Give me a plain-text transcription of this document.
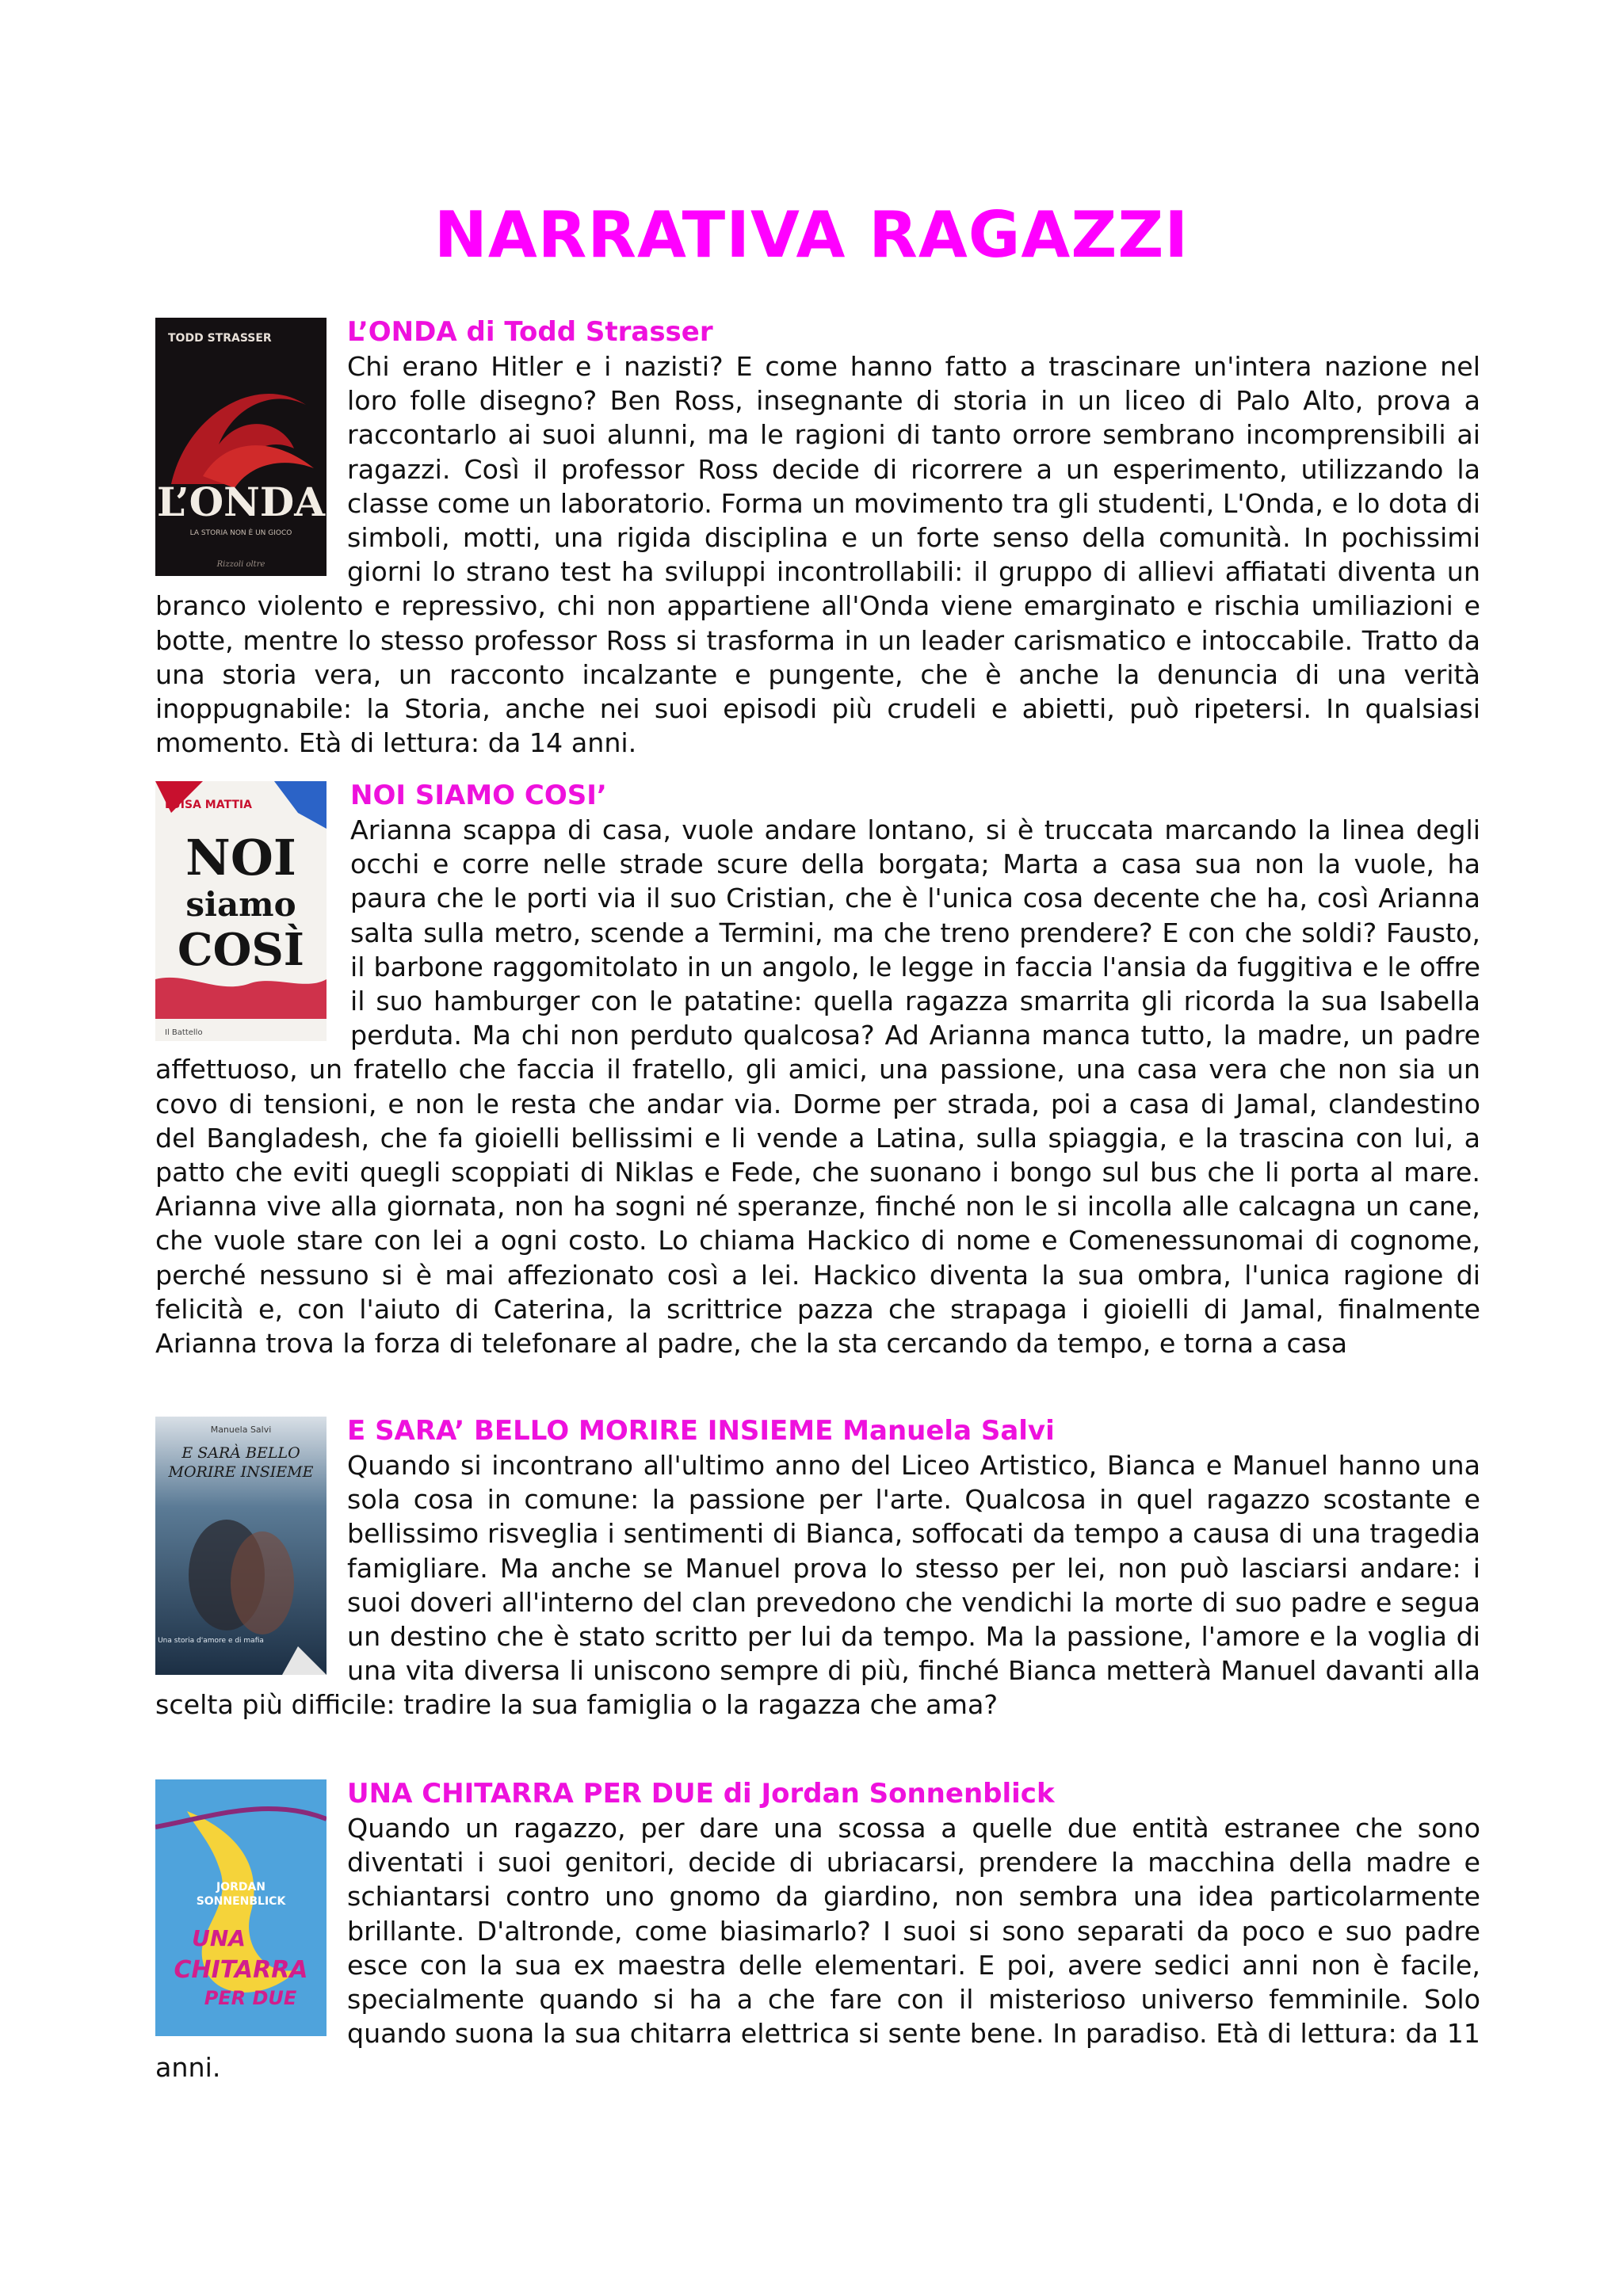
NARRATIVA RAGAZZI
TODD STRASSER
L’ONDA
LA STORIA NON È UN GIOCO
Rizzoli oltre

L’ONDA di Todd Strasser

Chi erano Hitler e i nazisti? E come hanno fatto a trascinare un'intera nazione nel loro folle disegno? Ben Ross, insegnante di storia in un liceo di Palo Alto, prova a raccontarlo ai suoi alunni, ma le ragioni di tanto orrore sembrano incomprensibili ai ragazzi. Così il professor Ross decide di ricorrere a un esperimento, utilizzando la classe come un laboratorio. Forma un movimento tra gli studenti, L'Onda, e lo dota di simboli, motti, una rigida disciplina e un forte senso della comunità. In pochissimi giorni lo strano test ha sviluppi incontrollabili: il gruppo di allievi affiatati diventa un branco violento e repressivo, chi non appartiene all'Onda viene emarginato e rischia umiliazioni e botte, mentre lo stesso professor Ross si trasforma in un leader carismatico e intoccabile. Tratto da una storia vera, un racconto incalzante e pungente, che è anche la denuncia di una verità inoppugnabile: la Storia, anche nei suoi episodi più crudeli e abietti, può ripetersi. In qualsiasi momento. Età di lettura: da 14 anni.

LUISA MATTIA
NOI
siamo
COSÌ
Il Battello

NOI SIAMO COSI’

Arianna scappa di casa, vuole andare lontano, si è truccata marcando la linea degli occhi e corre nelle strade scure della borgata; Marta a casa sua non la vuole, ha paura che le porti via il suo Cristian, che è l'unica cosa decente che ha, così Arianna salta sulla metro, scende a Termini, ma che treno prendere? E con che soldi? Fausto, il barbone raggomitolato in un angolo, le legge in faccia l'ansia da fuggitiva e le offre il suo hamburger con le patatine: quella ragazza smarrita gli ricorda la sua Isabella perduta. Ma chi non perduto qualcosa? Ad Arianna manca tutto, la madre, un padre affettuoso, un fratello che faccia il fratello, gli amici, una passione, una casa vera che non sia un covo di tensioni, e non le resta che andar via. Dorme per strada, poi a casa di Jamal, clandestino del Bangladesh, che fa gioielli bellissimi e li vende a Latina, sulla spiaggia, e la trascina con lui, a patto che eviti quegli scoppiati di Niklas e Fede, che suonano i bongo sul bus che li porta al mare. Arianna vive alla giornata, non ha sogni né speranze, finché non le si incolla alle calcagna un cane, che vuole stare con lei a ogni costo. Lo chiama Hackico di nome e Comenessunomai di cognome, perché nessuno si è mai affezionato così a lei. Hackico diventa la sua ombra, l'unica ragione di felicità e, con l'aiuto di Caterina, la scrittrice pazza che strapaga i gioielli di Jamal, finalmente Arianna trova la forza di telefonare al padre, che la sta cercando da tempo, e torna a casa

Manuela Salvi
E SARÀ BELLO
MORIRE INSIEME
Una storia d'amore e di mafia

E SARA’ BELLO MORIRE INSIEME Manuela Salvi

Quando si incontrano all'ultimo anno del Liceo Artistico, Bianca e Manuel hanno una sola cosa in comune: la passione per l'arte. Qualcosa in quel ragazzo scostante e bellissimo risveglia i sentimenti di Bianca, soffocati da tempo a causa di una tragedia famigliare. Ma anche se Manuel prova lo stesso per lei, non può lasciarsi andare: i suoi doveri all'interno del clan prevedono che vendichi la morte di suo padre e segua un destino che è stato scritto per lui da tempo. Ma la passione, l'amore e la voglia di una vita diversa li uniscono sempre di più, finché Bianca metterà Manuel davanti alla scelta più difficile: tradire la sua famiglia o la ragazza che ama?

JORDAN
SONNENBLICK
UNA
CHITARRA
PER DUE

UNA CHITARRA PER DUE di Jordan Sonnenblick

Quando un ragazzo, per dare una scossa a quelle due entità estranee che sono diventati i suoi genitori, decide di ubriacarsi, prendere la macchina della madre e schiantarsi contro uno gnomo da giardino, non sembra una idea particolarmente brillante. D'altronde, come biasimarlo? I suoi si sono separati da poco e suo padre esce con la sua ex maestra delle elementari. E poi, avere sedici anni non è facile, specialmente quando si ha a che fare con il misterioso universo femminile. Solo quando suona la sua chitarra elettrica si sente bene. In paradiso. Età di lettura: da 11 anni.
